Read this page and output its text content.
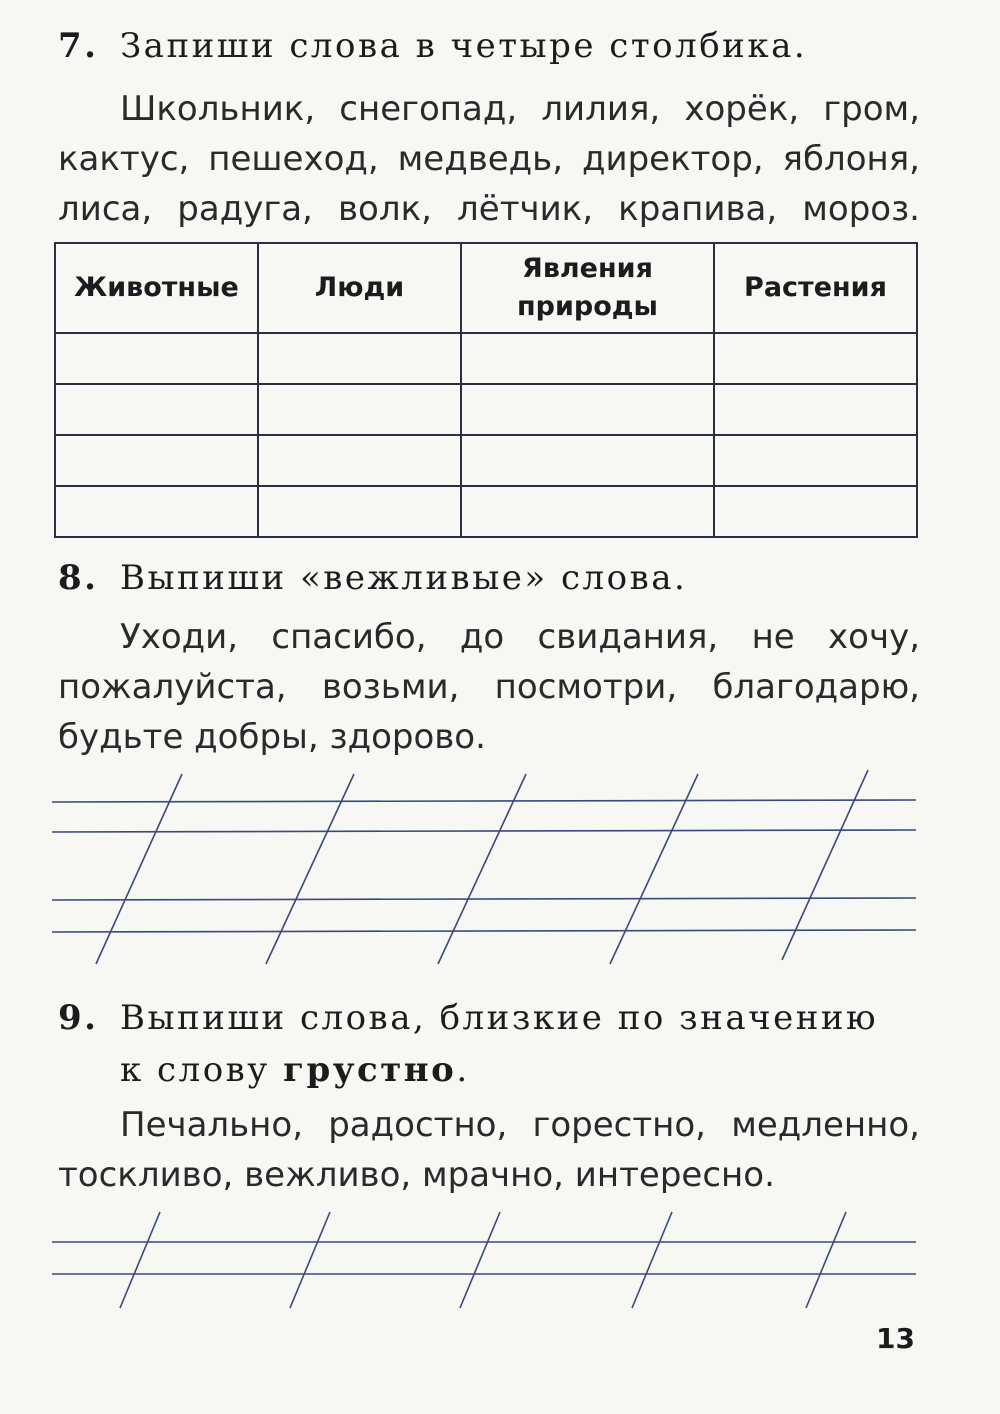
7. Запиши слова в четыре столбика.
Школьник, снегопад, лилия, хорёк, гром,
кактус, пешеход, медведь, директор, яблоня,
лиса, радуга, волк, лётчик, крапива, мороз.
Животные	Люди	Явления природы	Растения

8. Выпиши «вежливые» слова.
Уходи, спасибо, до свидания, не хочу,
пожалуйста, возьми, посмотри, благодарю,
будьте добры, здорово.
9. Выпиши слова, близкие по значению
к слову грустно.
Печально, радостно, горестно, медленно,
тоскливо, вежливо, мрачно, интересно.
13
